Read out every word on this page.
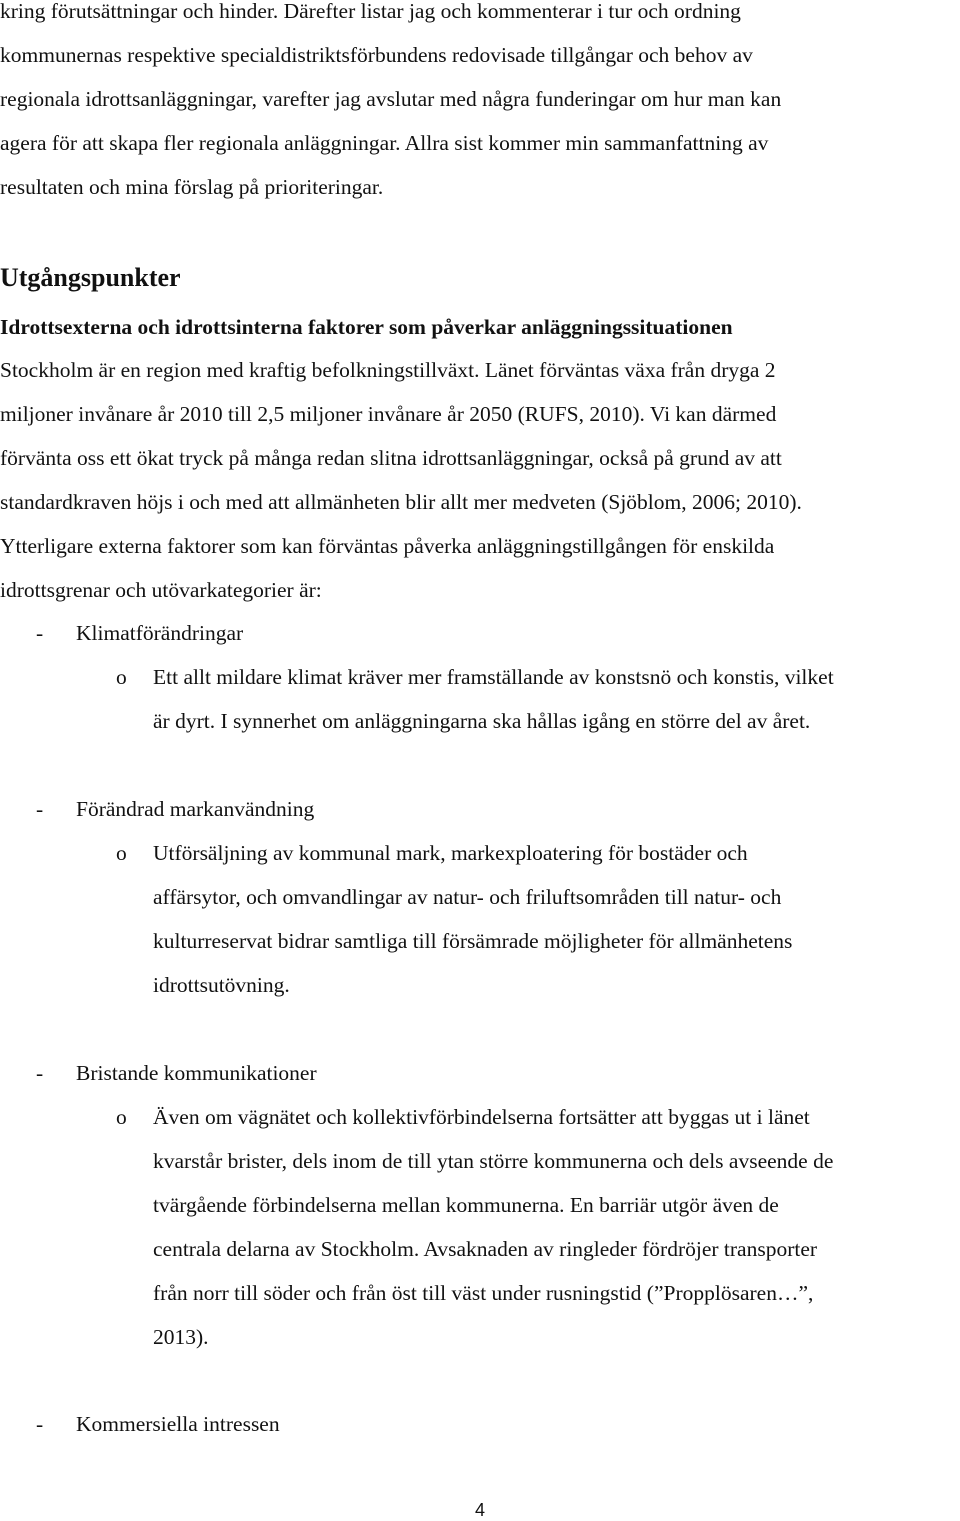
kring förutsättningar och hinder. Därefter listar jag och kommenterar i tur och ordning
kommunernas respektive specialdistriktsförbundens redovisade tillgångar och behov av
regionala idrottsanläggningar, varefter jag avslutar med några funderingar om hur man kan
agera för att skapa fler regionala anläggningar. Allra sist kommer min sammanfattning av
resultaten och mina förslag på prioriteringar.
Utgångspunkter
Idrottsexterna och idrottsinterna faktorer som påverkar anläggningssituationen
Stockholm är en region med kraftig befolkningstillväxt. Länet förväntas växa från dryga 2
miljoner invånare år 2010 till 2,5 miljoner invånare år 2050 (RUFS, 2010). Vi kan därmed
förvänta oss ett ökat tryck på många redan slitna idrottsanläggningar, också på grund av att
standardkraven höjs i och med att allmänheten blir allt mer medveten (Sjöblom, 2006; 2010).
Ytterligare externa faktorer som kan förväntas påverka anläggningstillgången för enskilda
idrottsgrenar och utövarkategorier är:
- Klimatförändringar
o Ett allt mildare klimat kräver mer framställande av konstsnö och konstis, vilket
är dyrt. I synnerhet om anläggningarna ska hållas igång en större del av året.
- Förändrad markanvändning
o Utförsäljning av kommunal mark, markexploatering för bostäder och
affärsytor, och omvandlingar av natur- och friluftsområden till natur- och
kulturreservat bidrar samtliga till försämrade möjligheter för allmänhetens
idrottsutövning.
- Bristande kommunikationer
o Även om vägnätet och kollektivförbindelserna fortsätter att byggas ut i länet
kvarstår brister, dels inom de till ytan större kommunerna och dels avseende de
tvärgående förbindelserna mellan kommunerna. En barriär utgör även de
centrala delarna av Stockholm. Avsaknaden av ringleder fördröjer transporter
från norr till söder och från öst till väst under rusningstid (”Propplösaren…”,
2013).
- Kommersiella intressen
4
